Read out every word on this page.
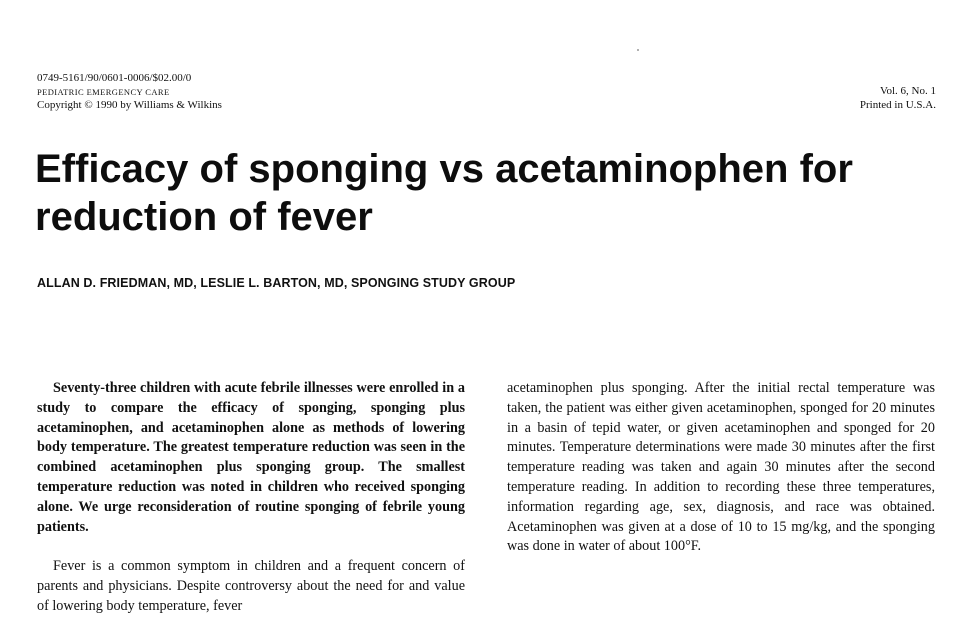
0749-5161/90/0601-0006/$02.00/0
PEDIATRIC EMERGENCY CARE
Copyright © 1990 by Williams & Wilkins
Vol. 6, No. 1
Printed in U.S.A.
Efficacy of sponging vs acetaminophen for reduction of fever
ALLAN D. FRIEDMAN, MD, LESLIE L. BARTON, MD, SPONGING STUDY GROUP

Seventy-three children with acute febrile illnesses were enrolled in a study to compare the efficacy of sponging, sponging plus acetaminophen, and acetaminophen alone as methods of lowering body temperature. The greatest temperature reduction was seen in the combined acetaminophen plus sponging group. The smallest temperature reduction was noted in children who received sponging alone. We urge reconsideration of routine sponging of febrile young patients.

Fever is a common symptom in children and a frequent concern of parents and physicians. Despite controversy about the need for and value of lowering body temperature, fever

acetaminophen plus sponging. After the initial rectal temperature was taken, the patient was either given acetaminophen, sponged for 20 minutes in a basin of tepid water, or given acetaminophen and sponged for 20 minutes. Temperature determinations were made 30 minutes after the first temperature reading was taken and again 30 minutes after the second temperature reading. In addition to recording these three temperatures, information regarding age, sex, diagnosis, and race was obtained. Acetaminophen was given at a dose of 10 to 15 mg/kg, and the sponging was done in water of about 100°F.
